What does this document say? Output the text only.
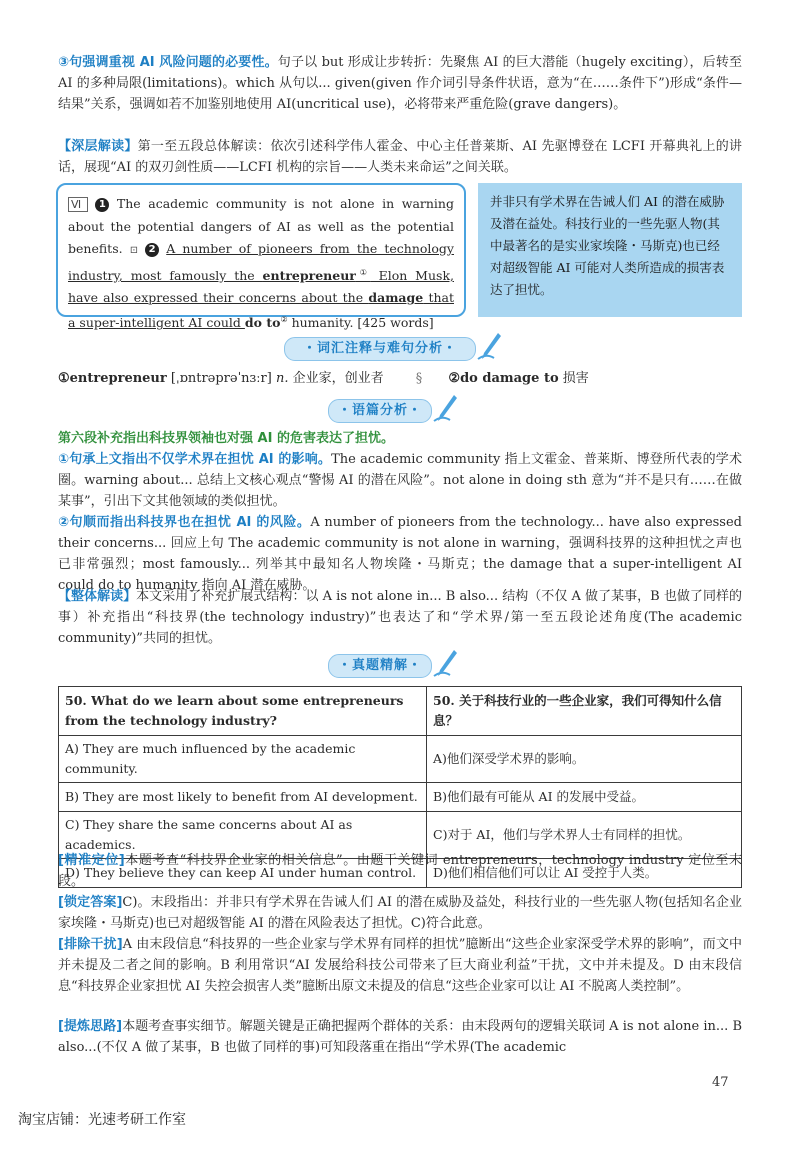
③句强调重视 AI 风险问题的必要性。句子以 but 形成让步转折：先聚焦 AI 的巨大潜能（hugely exciting），后转至 AI 的多种局限(limitations)。which 从句以... given(given 作介词引导条件状语，意为“在……条件下”)形成“条件—结果”关系，强调如若不加鉴别地使用 AI(uncritical use)，必将带来严重危险(grave dangers)。
【深层解读】第一至五段总体解读：依次引述科学伟人霍金、中心主任普莱斯、AI 先驱博登在 LCFI 开幕典礼上的讲话，展现“AI 的双刃剑性质——LCFI 机构的宗旨——人类未来命运”之间关联。
Ⅵ 1 The academic community is not alone in warning about the potential dangers of AI as well as the potential benefits. ⊡ 2 A number of pioneers from the technology industry, most famously the entrepreneur① Elon Musk, have also expressed their concerns about the damage that a super-intelligent AI could do to② humanity. [425 words]
并非只有学术界在告诫人们 AI 的潜在威胁及潜在益处。科技行业的一些先驱人物(其中最著名的是实业家埃隆・马斯克)也已经对超级智能 AI 可能对人类所造成的损害表达了担忧。
・词汇注释与难句分析・
①entrepreneur [ˌɒntrəprəˈnɜːr] n. 企业家，创业者 § ②do damage to 损害
・语篇分析・
第六段补充指出科技界领袖也对强 AI 的危害表达了担忧。
①句承上文指出不仅学术界在担忧 AI 的影响。The academic community 指上文霍金、普莱斯、博登所代表的学术圈。warning about... 总结上文核心观点“警惕 AI 的潜在风险”。not alone in doing sth 意为“并不是只有……在做某事”，引出下文其他领域的类似担忧。
②句顺而指出科技界也在担忧 AI 的风险。A number of pioneers from the technology... have also expressed their concerns... 回应上句 The academic community is not alone in warning，强调科技界的这种担忧之声也已非常强烈；most famously... 列举其中最知名人物埃隆・马斯克；the damage that a super-intelligent AI could do to humanity 指向 AI 潜在威胁。
【整体解读】本文采用了补充扩展式结构：以 A is not alone in... B also... 结构（不仅 A 做了某事，B 也做了同样的事）补充指出“科技界(the technology industry)”也表达了和“学术界/第一至五段论述角度(The academic community)”共同的担忧。
・真题精解・
50. What do we learn about some entrepreneurs from the technology industry?	50. 关于科技行业的一些企业家，我们可得知什么信息？
A) They are much influenced by the academic community.	A)他们深受学术界的影响。
B) They are most likely to benefit from AI development.	B)他们最有可能从 AI 的发展中受益。
C) They share the same concerns about AI as academics.	C)对于 AI，他们与学术界人士有同样的担忧。
D) They believe they can keep AI under human control.	D)他们相信他们可以让 AI 受控于人类。
[精准定位]本题考查“科技界企业家的相关信息”。由题干关键词 entrepreneurs，technology industry 定位至末段。
[锁定答案]C)。末段指出：并非只有学术界在告诫人们 AI 的潜在威胁及益处，科技行业的一些先驱人物(包括知名企业家埃隆・马斯克)也已对超级智能 AI 的潜在风险表达了担忧。C)符合此意。
[排除干扰]A 由末段信息“科技界的一些企业家与学术界有同样的担忧”臆断出“这些企业家深受学术界的影响”，而文中并未提及二者之间的影响。B 利用常识“AI 发展给科技公司带来了巨大商业利益”干扰，文中并未提及。D 由末段信息“科技界企业家担忧 AI 失控会损害人类”臆断出原文未提及的信息“这些企业家可以让 AI 不脱离人类控制”。
[提炼思路]本题考查事实细节。解题关键是正确把握两个群体的关系：由末段两句的逻辑关联词 A is not alone in... B also...(不仅 A 做了某事，B 也做了同样的事)可知段落重在指出“学术界(The academic
47
淘宝店铺：光速考研工作室
